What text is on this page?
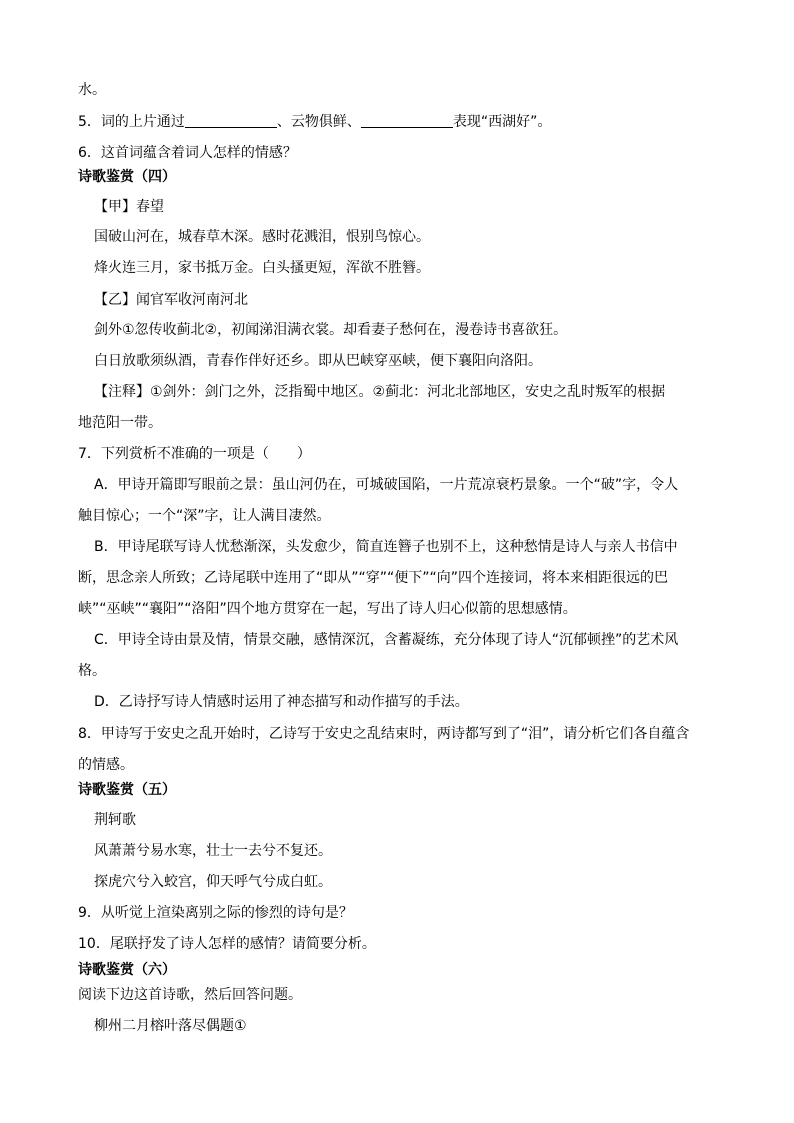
水。
5．词的上片通过	、云物俱鲜、	表现“西湖好”。
6．这首词蕴含着词人怎样的情感？
诗歌鉴赏（四）
【甲】春望
国破山河在，城春草木深。感时花溅泪，恨别鸟惊心。
烽火连三月，家书抵万金。白头搔更短，浑欲不胜簪。
【乙】闻官军收河南河北
剑外①忽传收蓟北②，初闻涕泪满衣裳。却看妻子愁何在，漫卷诗书喜欲狂。
白日放歌须纵酒，青春作伴好还乡。即从巴峡穿巫峡，便下襄阳向洛阳。
【注释】①剑外：剑门之外，泛指蜀中地区。②蓟北：河北北部地区，安史之乱时叛军的根据
地范阳一带。
7．下列赏析不准确的一项是（　　）
A．甲诗开篇即写眼前之景：虽山河仍在，可城破国陷，一片荒凉衰朽景象。一个“破”字，令人
触目惊心；一个“深”字，让人满目凄然。
B．甲诗尾联写诗人忧愁渐深，头发愈少，简直连簪子也别不上，这种愁情是诗人与亲人书信中
断，思念亲人所致；乙诗尾联中连用了“即从”“穿”“便下”“向”四个连接词，将本来相距很远的巴
峡”“巫峡”“襄阳”“洛阳”四个地方贯穿在一起，写出了诗人归心似箭的思想感情。
C．甲诗全诗由景及情，情景交融，感情深沉，含蓄凝练，充分体现了诗人“沉郁顿挫”的艺术风
格。
D．乙诗抒写诗人情感时运用了神态描写和动作描写的手法。
8．甲诗写于安史之乱开始时，乙诗写于安史之乱结束时，两诗都写到了“泪”，请分析它们各自蕴含
的情感。
诗歌鉴赏（五）
荆轲歌
风萧萧兮易水寒，壮士一去兮不复还。
探虎穴兮入蛟宫，仰天呼气兮成白虹。
9．从听觉上渲染离别之际的惨烈的诗句是？
10．尾联抒发了诗人怎样的感情？请简要分析。
诗歌鉴赏（六）
阅读下边这首诗歌，然后回答问题。
柳州二月榕叶落尽偶题①
